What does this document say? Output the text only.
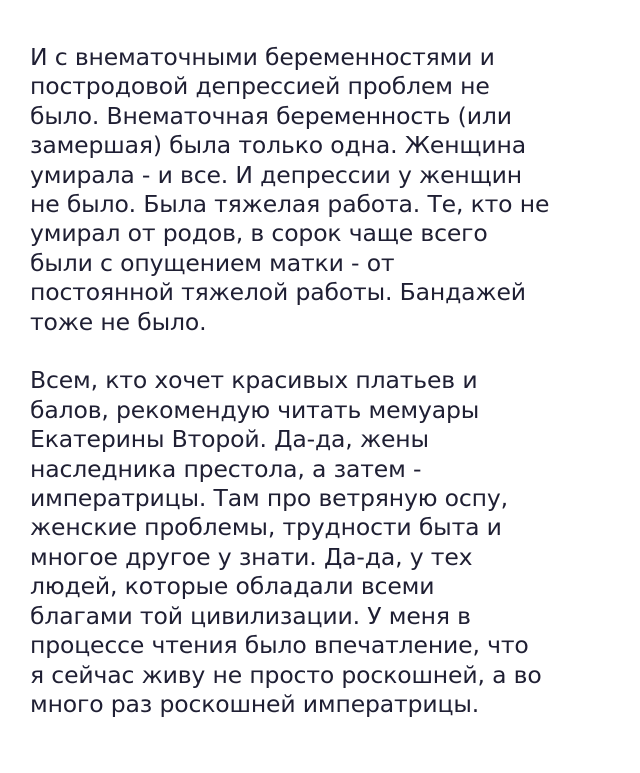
И с внематочными беременностями и
постродовой депрессией проблем не
было. Внематочная беременность (или
замершая) была только одна. Женщина
умирала - и все. И депрессии у женщин
не было. Была тяжелая работа. Те, кто не
умирал от родов, в сорок чаще всего
были с опущением матки - от
постоянной тяжелой работы. Бандажей
тоже не было.

Всем, кто хочет красивых платьев и
балов, рекомендую читать мемуары
Екатерины Второй. Да-да, жены
наследника престола, а затем -
императрицы. Там про ветряную оспу,
женские проблемы, трудности быта и
многое другое у знати. Да-да, у тех
людей, которые обладали всеми
благами той цивилизации. У меня в
процессе чтения было впечатление, что
я сейчас живу не просто роскошней, а во
много раз роскошней императрицы.
